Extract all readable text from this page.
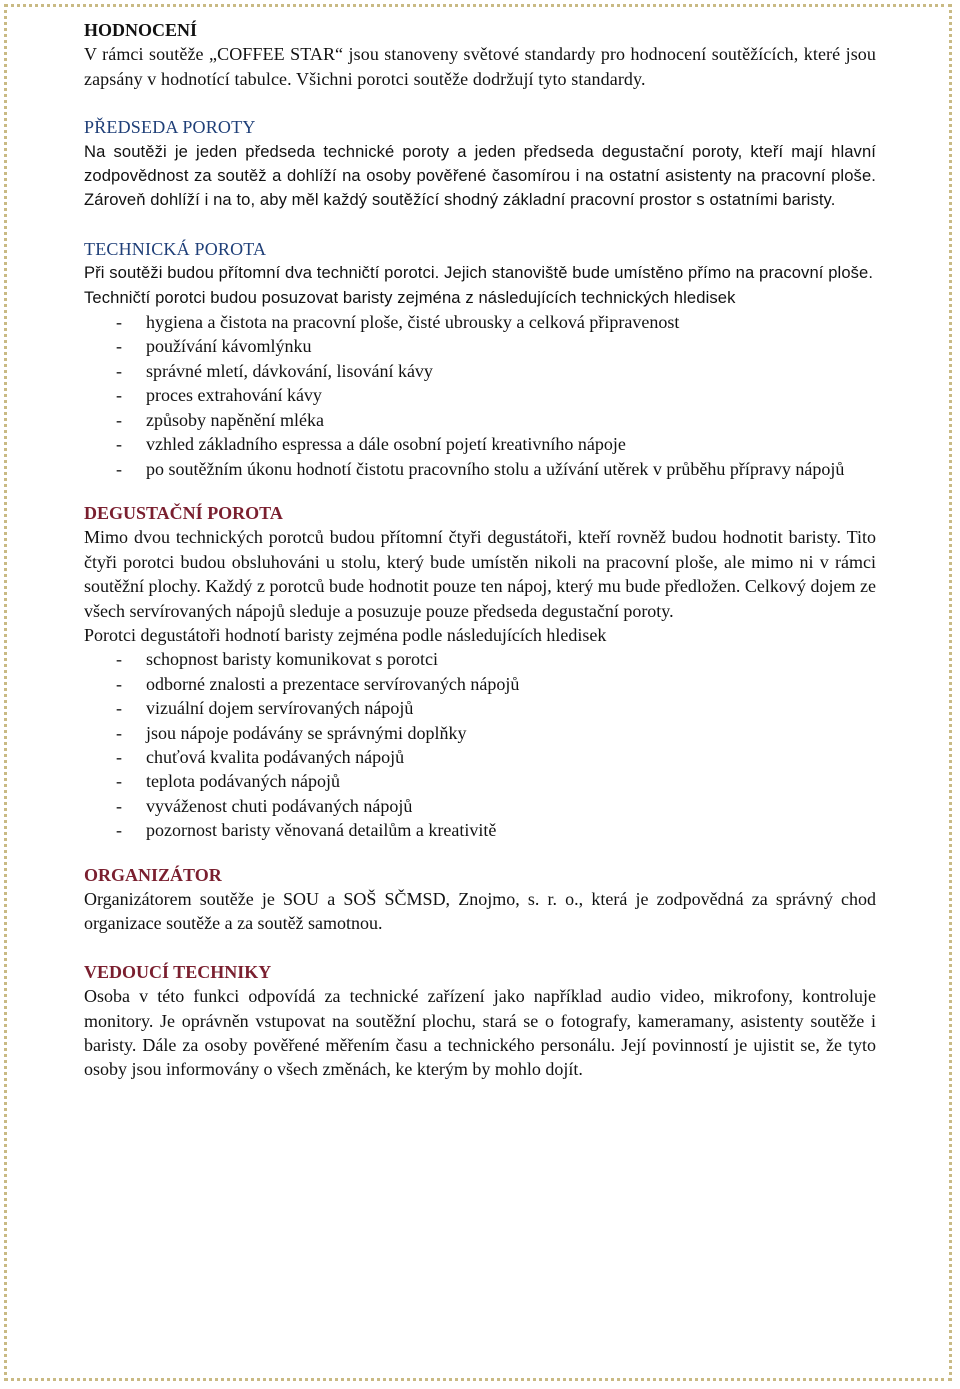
HODNOCENÍ

V rámci soutěže „COFFEE STAR“ jsou stanoveny světové standardy pro hodnocení soutěžících, které jsou zapsány v hodnotící tabulce. Všichni porotci soutěže dodržují tyto standardy.

PŘEDSEDA POROTY

Na soutěži je jeden předseda technické poroty a jeden předseda degustační poroty, kteří mají hlavní zodpovědnost za soutěž a dohlíží na osoby pověřené časomírou i na ostatní asistenty na pracovní ploše. Zároveň dohlíží i na to, aby měl každý soutěžící shodný základní pracovní prostor s ostatními baristy.

TECHNICKÁ POROTA

Při soutěži budou přítomní dva techničtí porotci. Jejich stanoviště bude umístěno přímo na pracovní ploše.

Techničtí porotci budou posuzovat baristy zejména z následujících technických hledisek

- hygiena a čistota na pracovní ploše, čisté ubrousky a celková připravenost
- používání kávomlýnku
- správné mletí, dávkování, lisování kávy
- proces extrahování kávy
- způsoby napěnění mléka
- vzhled základního espressa a dále osobní pojetí kreativního nápoje
- po soutěžním úkonu hodnotí čistotu pracovního stolu a užívání utěrek v průběhu přípravy nápojů

DEGUSTAČNÍ POROTA

Mimo dvou technických porotců budou přítomní čtyři degustátoři, kteří rovněž budou hodnotit baristy. Tito čtyři porotci budou obsluhováni u stolu, který bude umístěn nikoli na pracovní ploše, ale mimo ni v rámci soutěžní plochy. Každý z porotců bude hodnotit pouze ten nápoj, který mu bude předložen. Celkový dojem ze všech servírovaných nápojů sleduje a posuzuje pouze předseda degustační poroty.

Porotci degustátoři hodnotí baristy zejména podle následujících hledisek

- schopnost baristy komunikovat s porotci
- odborné znalosti a prezentace servírovaných nápojů
- vizuální dojem servírovaných nápojů
- jsou nápoje podávány se správnými doplňky
- chuťová kvalita podávaných nápojů
- teplota podávaných nápojů
- vyváženost chuti podávaných nápojů
- pozornost baristy věnovaná detailům a kreativitě

ORGANIZÁTOR

Organizátorem soutěže je SOU a SOŠ SČMSD, Znojmo, s. r. o., která je zodpovědná za správný chod organizace soutěže a za soutěž samotnou.

VEDOUCÍ TECHNIKY

Osoba v této funkci odpovídá za technické zařízení jako například audio video, mikrofony, kontroluje monitory. Je oprávněn vstupovat na soutěžní plochu, stará se o fotografy, kameramany, asistenty soutěže i baristy. Dále za osoby pověřené měřením času a technického personálu. Její povinností je ujistit se, že tyto osoby jsou informovány o všech změnách, ke kterým by mohlo dojít.
